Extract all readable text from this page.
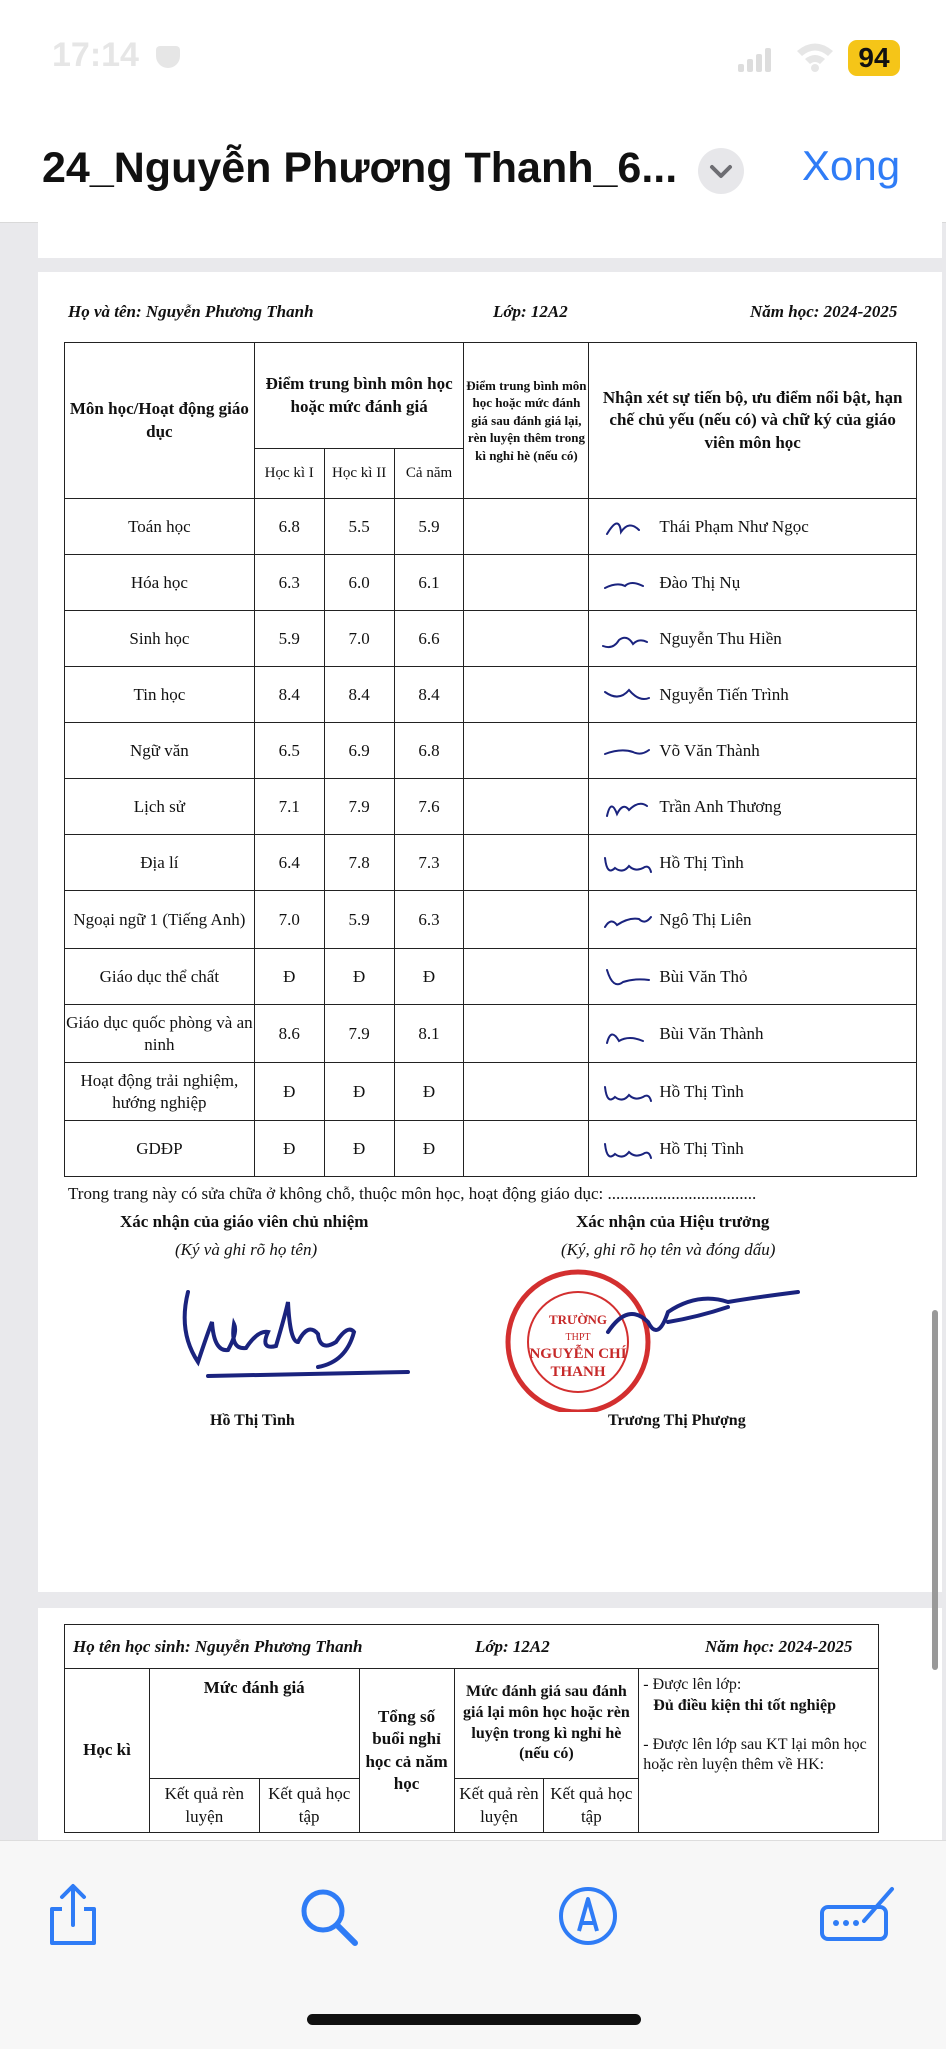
17:14	94
24_Nguyễn Phương Thanh_6...	Xong
Họ và tên: Nguyễn Phương Thanh	Lớp: 12A2	Năm học: 2024-2025
Môn học/Hoạt động giáo dục	Điểm trung bình môn học hoặc mức đánh giá			Điểm trung bình môn học hoặc mức đánh giá sau đánh giá lại, rèn luyện thêm trong kì nghỉ hè (nếu có)	Nhận xét sự tiến bộ, ưu điểm nổi bật, hạn chế chủ yếu (nếu có) và chữ ký của giáo viên môn học
	Học kì I	Học kì II	Cả năm		
Toán học	6.8	5.5	5.9		Thái Phạm Như Ngọc
Hóa học	6.3	6.0	6.1		Đào Thị Nụ
Sinh học	5.9	7.0	6.6		Nguyễn Thu Hiền
Tin học	8.4	8.4	8.4		Nguyễn Tiến Trình
Ngữ văn	6.5	6.9	6.8		Võ Văn Thành
Lịch sử	7.1	7.9	7.6		Trần Anh Thương
Địa lí	6.4	7.8	7.3		Hồ Thị Tình
Ngoại ngữ 1 (Tiếng Anh)	7.0	5.9	6.3		Ngô Thị Liên
Giáo dục thể chất	Đ	Đ	Đ		Bùi Văn Thỏ
Giáo dục quốc phòng và an ninh	8.6	7.9	8.1		Bùi Văn Thành
Hoạt động trải nghiệm, hướng nghiệp	Đ	Đ	Đ		Hồ Thị Tình
GDĐP	Đ	Đ	Đ		Hồ Thị Tình
Trong trang này có sửa chữa ở không chỗ, thuộc môn học, hoạt động giáo dục: ...................................
Xác nhận của giáo viên chủ nhiệm
(Ký và ghi rõ họ tên)
Hồ Thị Tình
Xác nhận của Hiệu trưởng
(Ký, ghi rõ họ tên và đóng dấu)
TRƯỜNG
THPT
NGUYỄN CHÍ
THANH
Trương Thị Phượng
Họ tên học sinh: Nguyễn Phương Thanh Lớp: 12A2 Năm học: 2024-2025						

Học kì	Mức đánh giá		Tổng số buổi nghỉ học cả năm học	Mức đánh giá sau đánh giá lại môn học hoặc rèn luyện trong kì nghỉ hè (nếu có)		- Được lên lớp:
Đủ điều kiện thi tốt nghiệp
- Được lên lớp sau KT lại môn học hoặc rèn luyện thêm về HK:

	Kết quả rèn luyện	Kết quả học tập		Kết quả rèn luyện	Kết quả học tập	
